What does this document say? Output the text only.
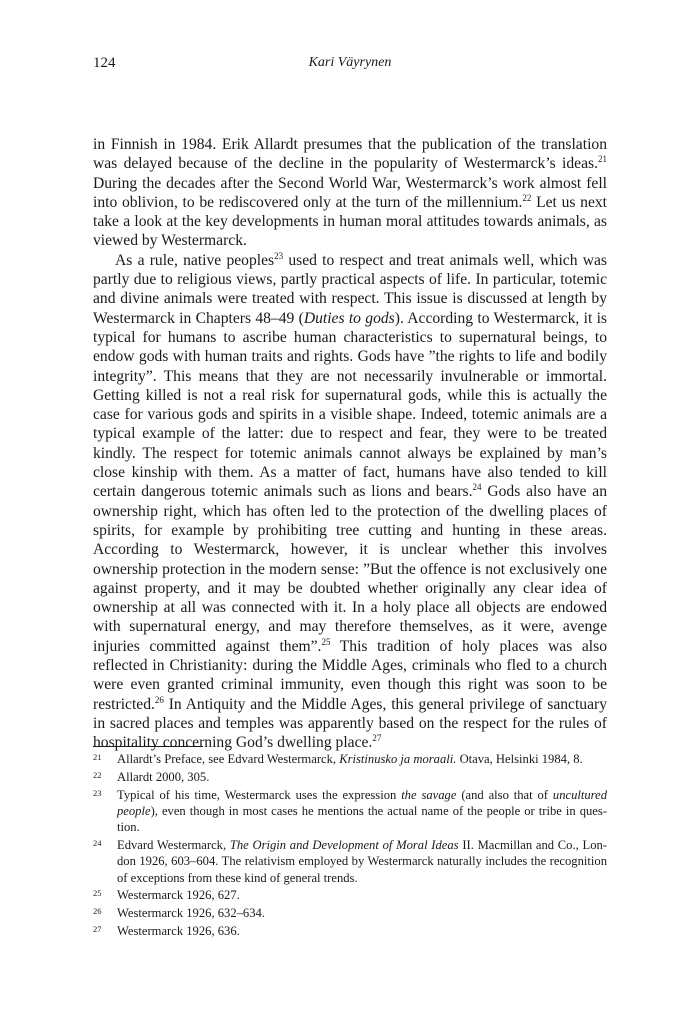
124	Kari Väyrynen

in Finnish in 1984. Erik Allardt presumes that the publication of the translation was delayed because of the decline in the popularity of Westermarck’s ideas.$^{21}$ During the decades after the Second World War, Westermarck’s work almost fell into oblivion, to be rediscovered only at the turn of the millennium.$^{22}$ Let us next take a look at the key developments in human moral attitudes towards animals, as viewed by Westermarck.

As a rule, native peoples$^{23}$ used to respect and treat animals well, which was partly due to religious views, partly practical aspects of life. In particular, totemic and divine animals were treated with respect. This issue is discussed at length by Westermarck in Chapters 48–49 (Duties to gods). According to Westermarck, it is typical for humans to ascribe human characteristics to supernatural beings, to endow gods with human traits and rights. Gods have ”the rights to life and bodily integrity”. This means that they are not necessarily invulnerable or immortal. Getting killed is not a real risk for supernatural gods, while this is actually the case for various gods and spirits in a visible shape. Indeed, totemic animals are a typical example of the latter: due to respect and fear, they were to be treated kindly. The respect for totemic animals cannot always be explained by man’s close kinship with them. As a matter of fact, humans have also tended to kill certain dangerous totemic animals such as lions and bears.$^{24}$ Gods also have an ownership right, which has often led to the protection of the dwelling places of spirits, for example by prohibiting tree cutting and hunting in these areas. According to Westermarck, however, it is unclear whether this involves ownership protection in the modern sense: ”But the offence is not exclusively one against property, and it may be doubted whether originally any clear idea of ownership at all was connected with it. In a holy place all objects are endowed with supernatural energy, and may therefore themselves, as it were, avenge injuries committed against them”.$^{25}$ This tradition of holy places was also reflected in Christianity: during the Middle Ages, criminals who fled to a church were even granted criminal immunity, even though this right was soon to be restricted.$^{26}$ In Antiquity and the Middle Ages, this general privilege of sanctuary in sacred places and temples was apparently based on the respect for the rules of hospitality concerning God’s dwelling place.$^{27}$

21 Allardt’s Preface, see Edvard Westermarck, Kristinusko ja moraali. Otava, Helsinki 1984, 8.
22 Allardt 2000, 305.
23 Typical of his time, Westermarck uses the expression the savage (and also that of uncultured people), even though in most cases he mentions the actual name of the people or tribe in question.
24 Edvard Westermarck, The Origin and Development of Moral Ideas II. Macmillan and Co., London 1926, 603–604. The relativism employed by Westermarck naturally includes the recognition of exceptions from these kind of general trends.
25 Westermarck 1926, 627.
26 Westermarck 1926, 632–634.
27 Westermarck 1926, 636.
